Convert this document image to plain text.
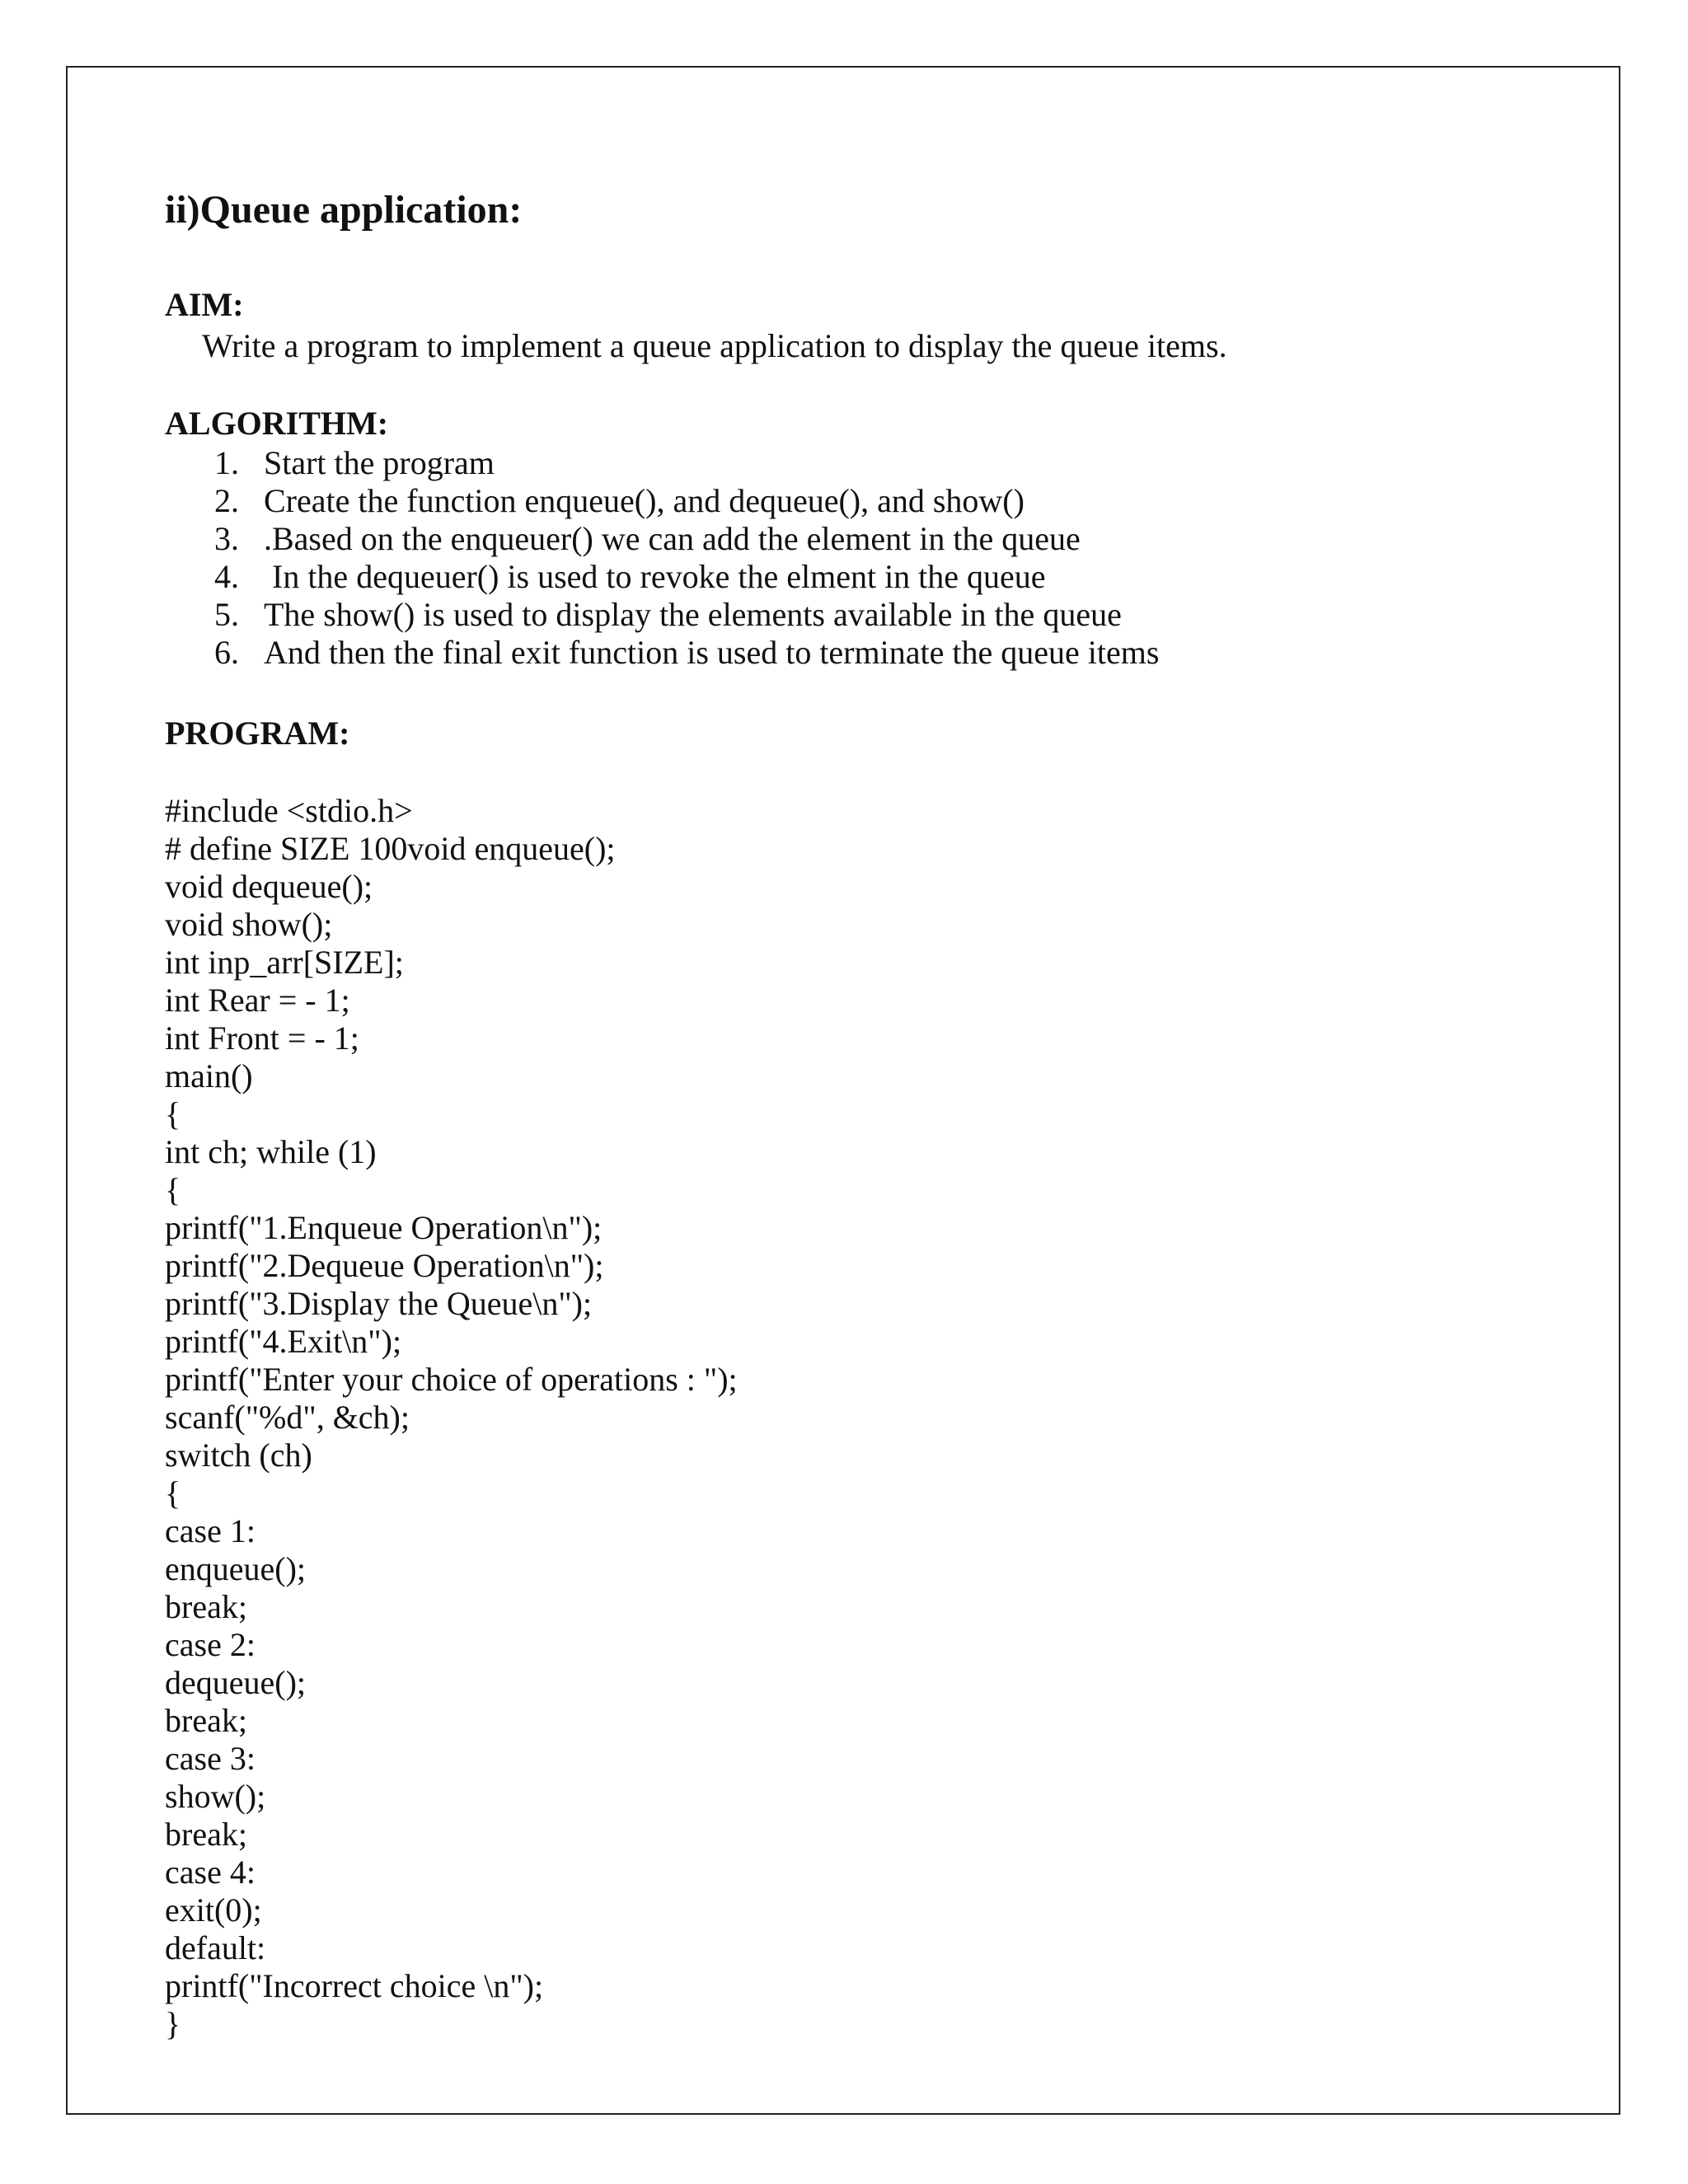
ii)Queue application:
AIM:

Write a program to implement a queue application to display the queue items.

ALGORITHM:
1. Start the program
2. Create the function enqueue(), and dequeue(), and show()
3. .Based on the enqueuer() we can add the element in the queue
4. In the dequeuer() is used to revoke the elment in the queue
5. The show() is used to display the elements available in the queue
6. And then the final exit function is used to terminate the queue items
PROGRAM:

#include <stdio.h>

# define SIZE 100void enqueue();

void dequeue();

void show();

int inp_arr[SIZE];

int Rear = - 1;

int Front = - 1;

main()

{

int ch; while (1)

{

printf("1.Enqueue Operation\n");

printf("2.Dequeue Operation\n");

printf("3.Display the Queue\n");

printf("4.Exit\n");

printf("Enter your choice of operations : ");

scanf("%d", &ch);

switch (ch)

{

case 1:

enqueue();

break;

case 2:

dequeue();

break;

case 3:

show();

break;

case 4:

exit(0);

default:

printf("Incorrect choice \n");

}
